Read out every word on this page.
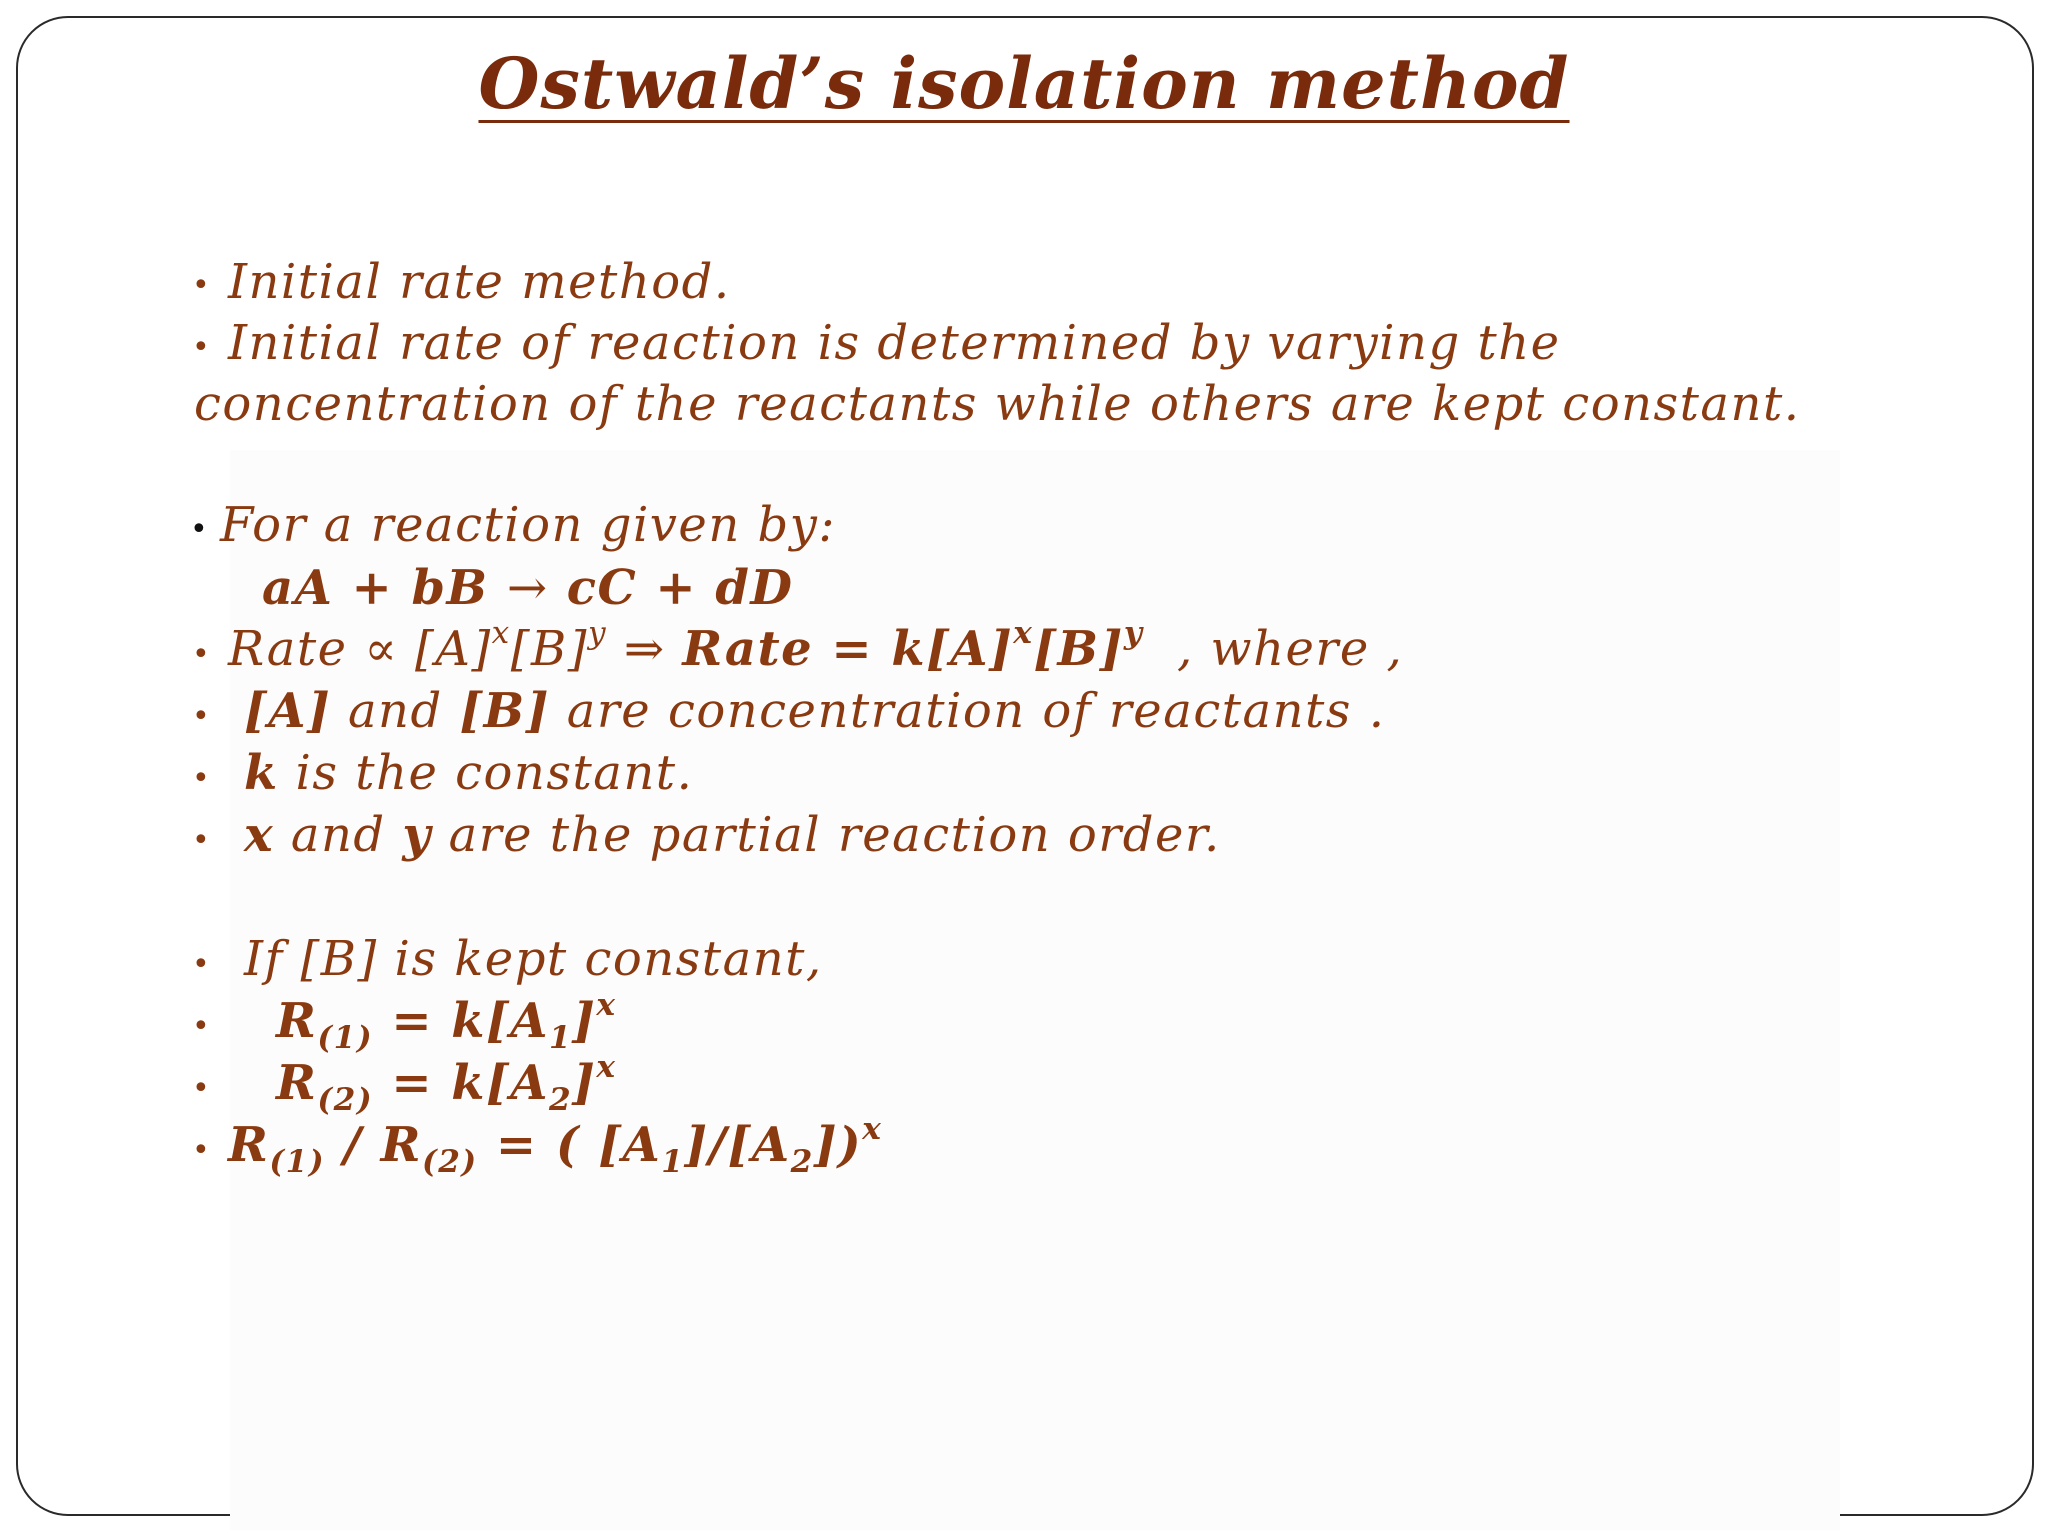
Ostwald’s isolation method
• Initial rate method.
• Initial rate of reaction is determined by varying the
concentration of the reactants while others are kept constant.
• For a reaction given by:
aA + bB → cC + dD
• Rate ∝ $[A]^x[B]^y$ ⇒ Rate = $k[A]^x[B]^y$ , where ,
• [A] and [B] are concentration of reactants .
• k is the constant.
• x and y are the partial reaction order.
• If [B] is kept constant,
• $R_{(1)} = k[A_1]^x$
• $R_{(2)} = k[A_2]^x$
• $R_{(1)} / R_{(2)}$ = ( $[A_1]/[A_2])^x$
